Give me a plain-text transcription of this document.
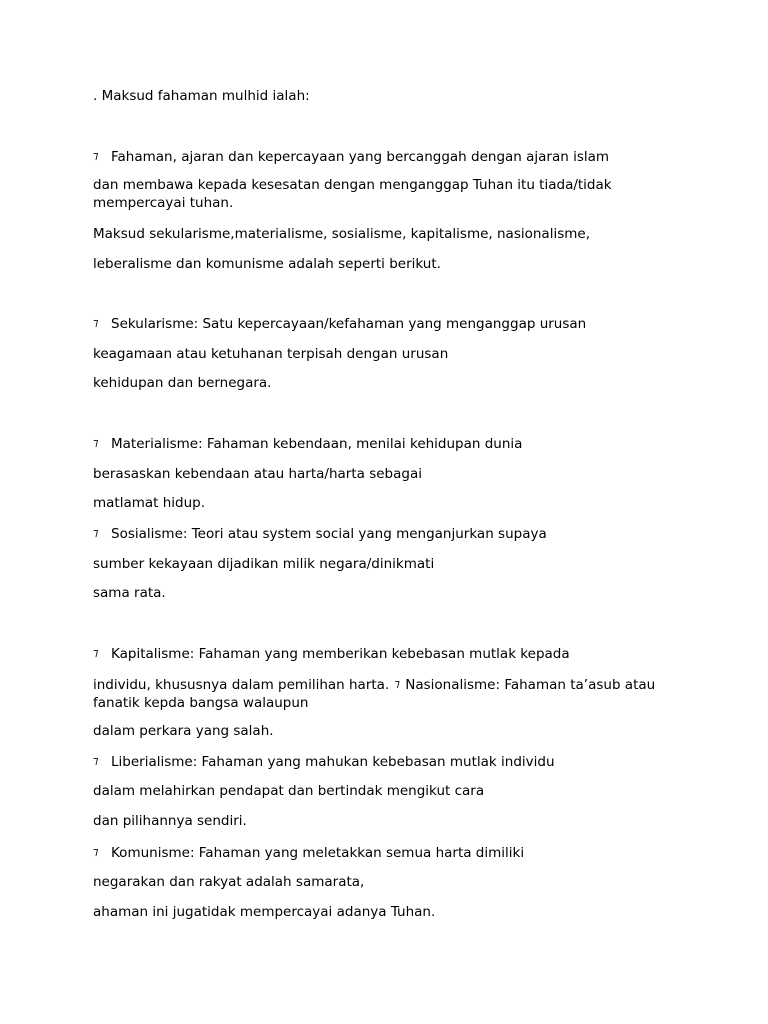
. Maksud fahaman mulhid ialah:
⁊ Fahaman, ajaran dan kepercayaan yang bercanggah dengan ajaran islam
dan membawa kepada kesesatan dengan menganggap Tuhan itu tiada/tidak mempercayai tuhan.
Maksud sekularisme,materialisme, sosialisme, kapitalisme, nasionalisme,
leberalisme dan komunisme adalah seperti berikut.
⁊ Sekularisme: Satu kepercayaan/kefahaman yang menganggap urusan
keagamaan atau ketuhanan terpisah dengan urusan
kehidupan dan bernegara.
⁊ Materialisme: Fahaman kebendaan, menilai kehidupan dunia
berasaskan kebendaan atau harta/harta sebagai
matlamat hidup.
⁊ Sosialisme: Teori atau system social yang menganjurkan supaya
sumber kekayaan dijadikan milik negara/dinikmati
sama rata.
⁊ Kapitalisme: Fahaman yang memberikan kebebasan mutlak kepada
individu, khususnya dalam pemilihan harta. ⁊ Nasionalisme: Fahaman ta’asub atau fanatik kepda bangsa walaupun
dalam perkara yang salah.
⁊ Liberialisme: Fahaman yang mahukan kebebasan mutlak individu
dalam melahirkan pendapat dan bertindak mengikut cara
dan pilihannya sendiri.
⁊ Komunisme: Fahaman yang meletakkan semua harta dimiliki
negarakan dan rakyat adalah samarata,
ahaman ini jugatidak mempercayai adanya Tuhan.
